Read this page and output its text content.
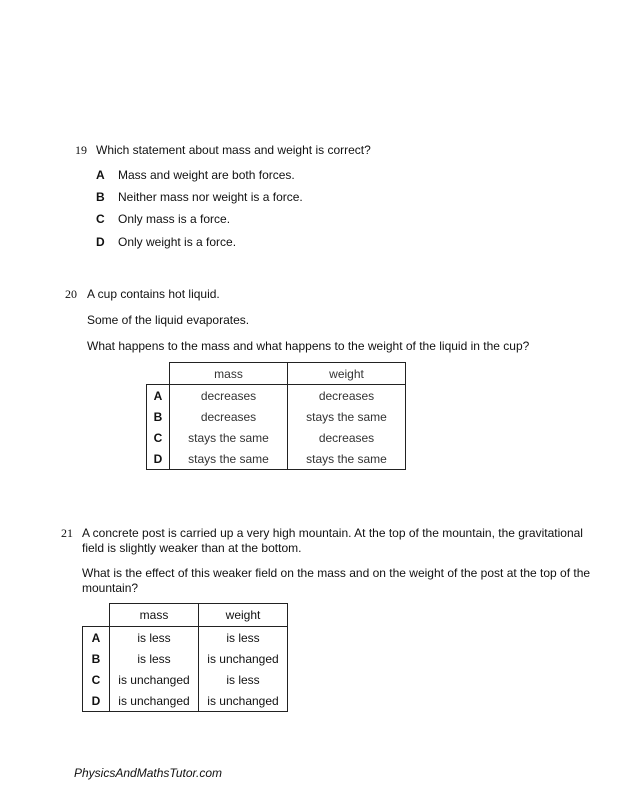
19 Which statement about mass and weight is correct?
A Mass and weight are both forces.
B Neither mass nor weight is a force.
C Only mass is a force.
D Only weight is a force.
20 A cup contains hot liquid.
Some of the liquid evaporates.
What happens to the mass and what happens to the weight of the liquid in the cup?
	mass	weight
A	decreases	decreases
B	decreases	stays the same
C	stays the same	decreases
D	stays the same	stays the same
21 A concrete post is carried up a very high mountain. At the top of the mountain, the gravitational
field is slightly weaker than at the bottom.
What is the effect of this weaker field on the mass and on the weight of the post at the top of the
mountain?
	mass	weight
A	is less	is less
B	is less	is unchanged
C	is unchanged	is less
D	is unchanged	is unchanged
PhysicsAndMathsTutor.com
